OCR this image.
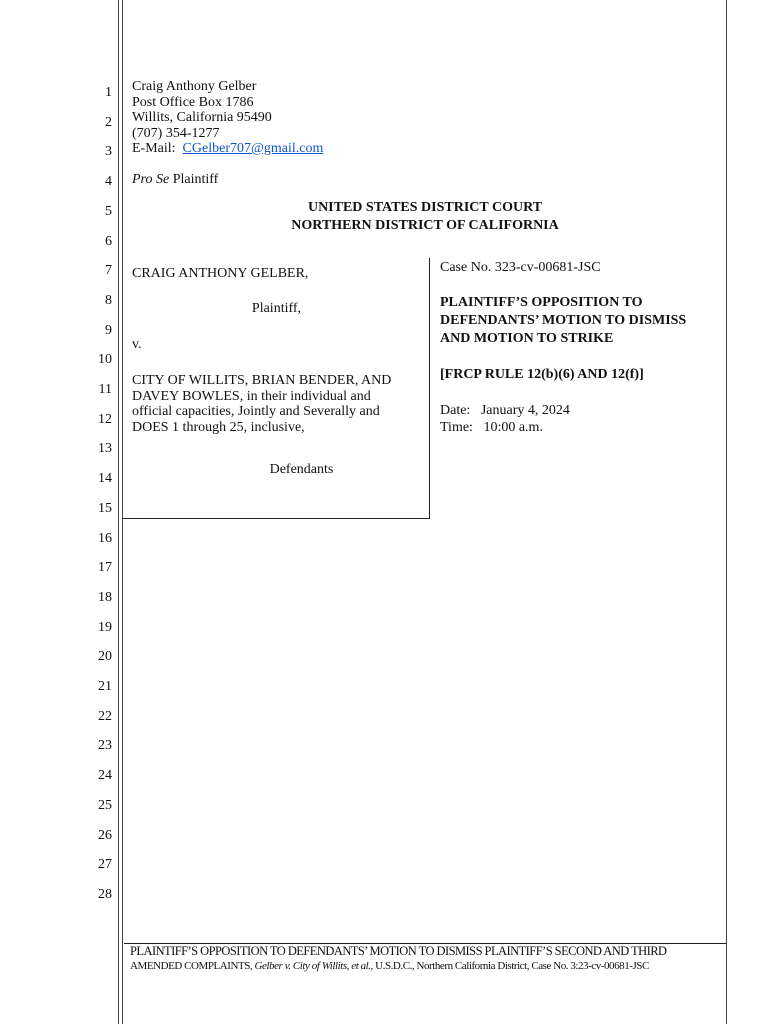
1
2
3
4
5
6
7
8
9
10
11
12
13
14
15
16
17
18
19
20
21
22
23
24
25
26
27
28
Craig Anthony Gelber
Post Office Box 1786
Willits, California 95490
(707) 354-1277
E-Mail: CGelber707@gmail.com
Pro Se Plaintiff
UNITED STATES DISTRICT COURT
NORTHERN DISTRICT OF CALIFORNIA
CRAIG ANTHONY GELBER,
Plaintiff,
v.
CITY OF WILLITS, BRIAN BENDER, AND
DAVEY BOWLES, in their individual and
official capacities, Jointly and Severally and
DOES 1 through 25, inclusive,
Defendants
Case No. 323-cv-00681-JSC
PLAINTIFF’S OPPOSITION TO
DEFENDANTS’ MOTION TO DISMISS
AND MOTION TO STRIKE
[FRCP RULE 12(b)(6) AND 12(f)]
Date: January 4, 2024
Time: 10:00 a.m.
PLAINTIFF’S OPPOSITION TO DEFENDANTS’ MOTION TO DISMISS PLAINTIFF’S SECOND AND THIRD
AMENDED COMPLAINTS, Gelber v. City of Willits, et al., U.S.D.C., Northern California District, Case No. 3:23-cv-00681-JSC
